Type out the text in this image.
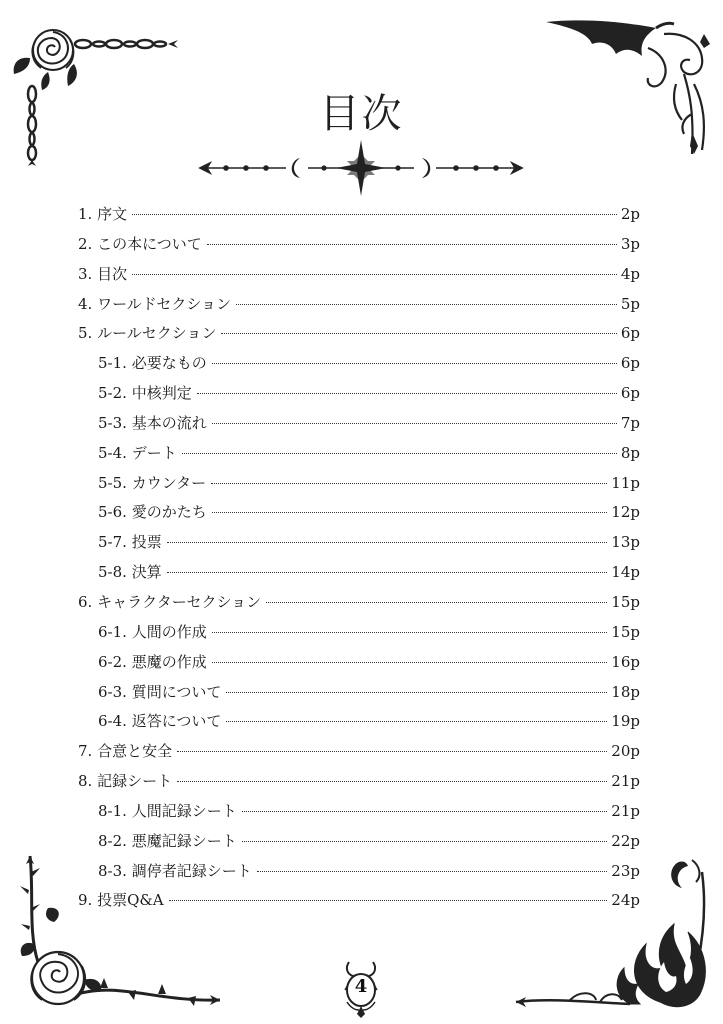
目次
1. 序文	2p
2. この本について	3p
3. 目次	4p
4. ワールドセクション	5p
5. ルールセクション	6p
5-1. 必要なもの	6p
5-2. 中核判定	6p
5-3. 基本の流れ	7p
5-4. デート	8p
5-5. カウンター	11p
5-6. 愛のかたち	12p
5-7. 投票	13p
5-8. 決算	14p
6. キャラクターセクション	15p
6-1. 人間の作成	15p
6-2. 悪魔の作成	16p
6-3. 質問について	18p
6-4. 返答について	19p
7. 合意と安全	20p
8. 記録シート	21p
8-1. 人間記録シート	21p
8-2. 悪魔記録シート	22p
8-3. 調停者記録シート	23p
9. 投票Q&A	24p
4
